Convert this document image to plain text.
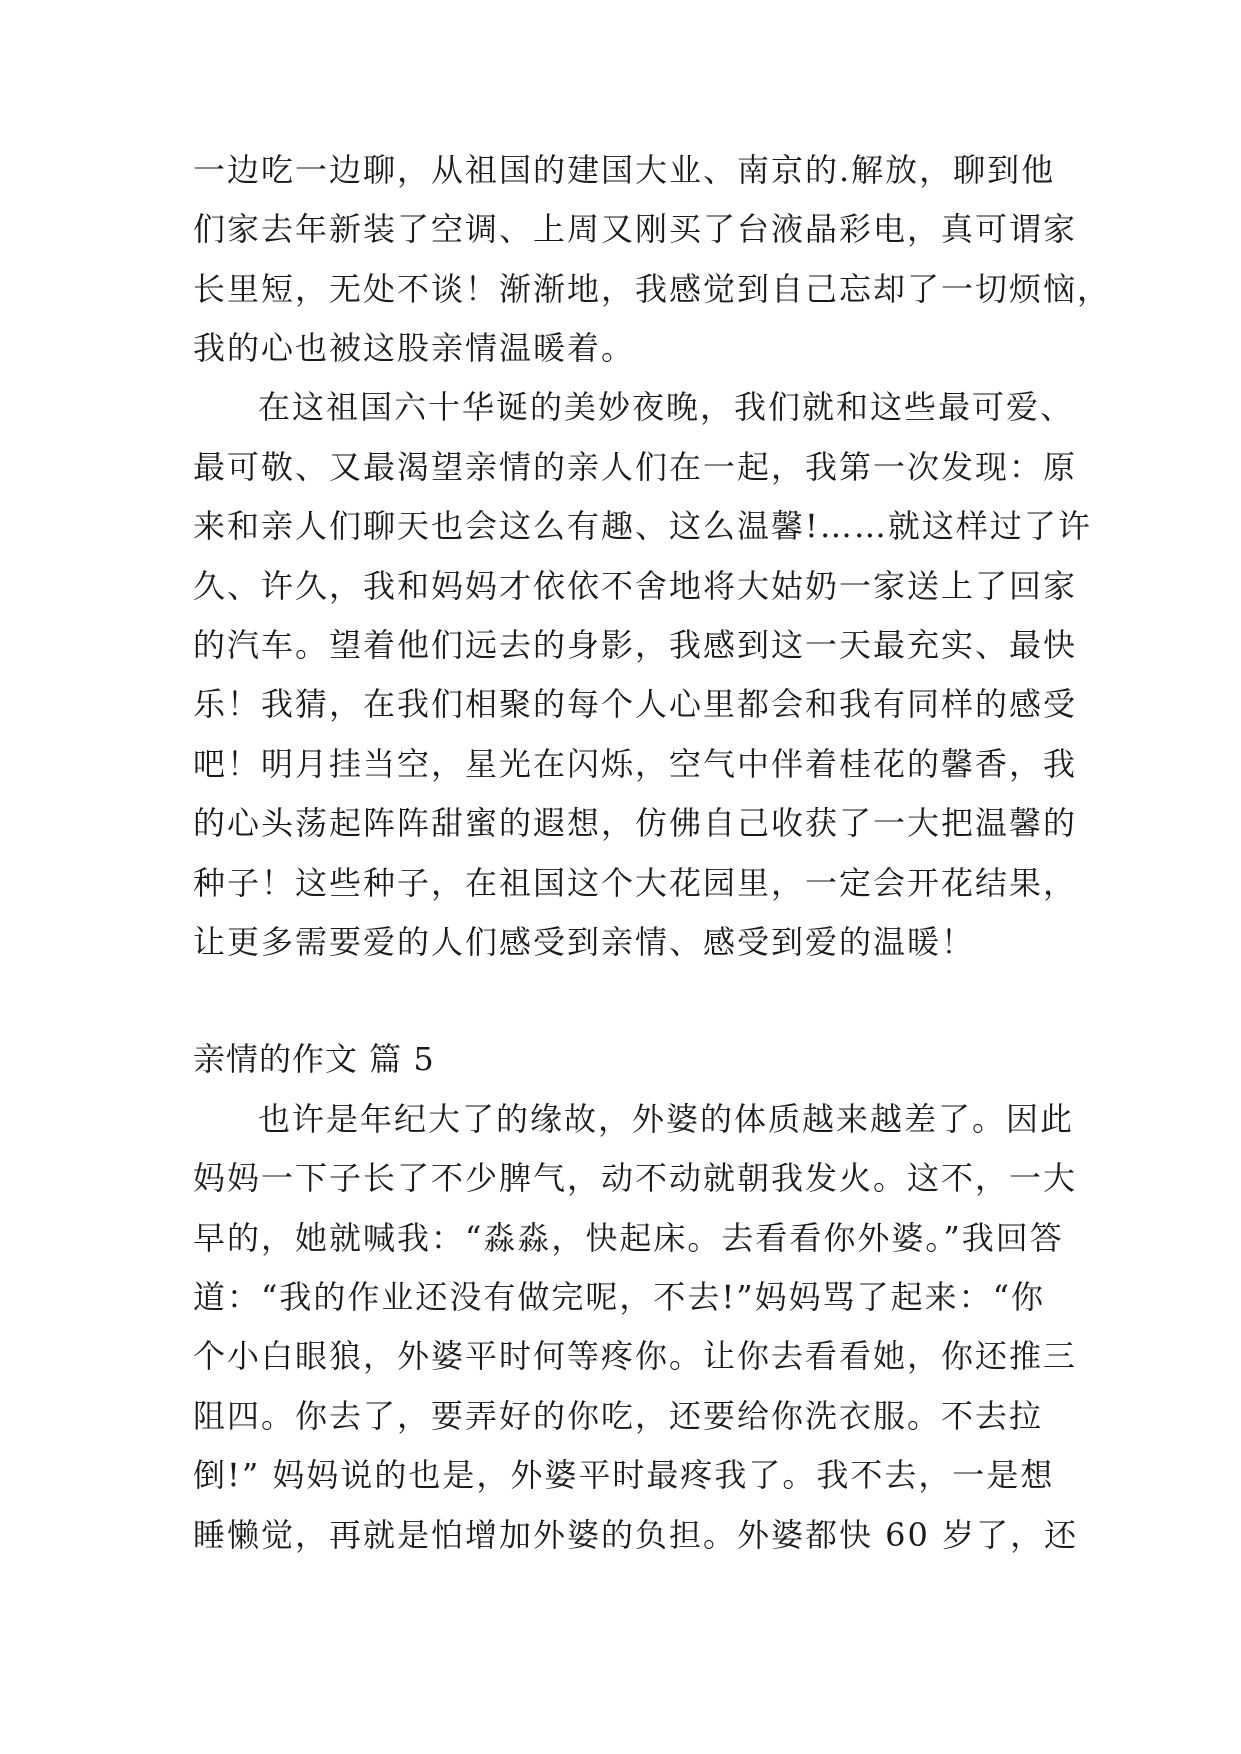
一边吃一边聊，从祖国的建国大业、南京的.解放，聊到他
们家去年新装了空调、上周又刚买了台液晶彩电，真可谓家
长里短，无处不谈！渐渐地，我感觉到自己忘却了一切烦恼，
我的心也被这股亲情温暖着。
在这祖国六十华诞的美妙夜晚，我们就和这些最可爱、
最可敬、又最渴望亲情的亲人们在一起，我第一次发现：原
来和亲人们聊天也会这么有趣、这么温馨!……就这样过了许
久、许久，我和妈妈才依依不舍地将大姑奶一家送上了回家
的汽车。望着他们远去的身影，我感到这一天最充实、最快
乐！我猜，在我们相聚的每个人心里都会和我有同样的感受
吧！明月挂当空，星光在闪烁，空气中伴着桂花的馨香，我
的心头荡起阵阵甜蜜的遐想，仿佛自己收获了一大把温馨的
种子！这些种子，在祖国这个大花园里，一定会开花结果，
让更多需要爱的人们感受到亲情、感受到爱的温暖！
亲情的作文 篇 5
也许是年纪大了的缘故，外婆的体质越来越差了。因此
妈妈一下子长了不少脾气，动不动就朝我发火。这不，一大
早的，她就喊我：“淼淼，快起床。去看看你外婆。”我回答
道：“我的作业还没有做完呢，不去!”妈妈骂了起来：“你
个小白眼狼，外婆平时何等疼你。让你去看看她，你还推三
阻四。你去了，要弄好的你吃，还要给你洗衣服。不去拉
倒!” 妈妈说的也是，外婆平时最疼我了。我不去，一是想
睡懒觉，再就是怕增加外婆的负担。外婆都快 60 岁了，还
